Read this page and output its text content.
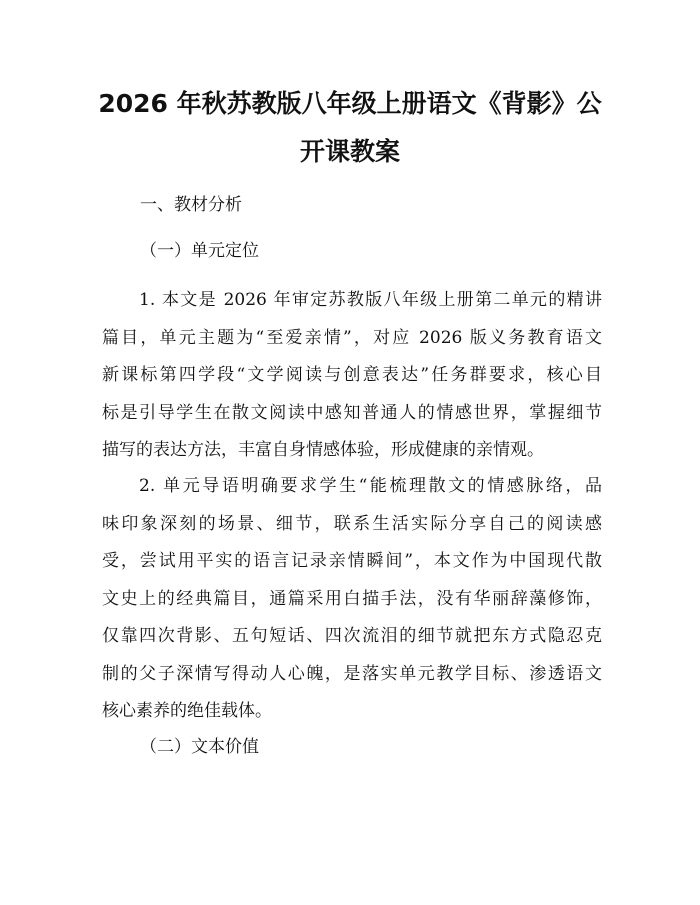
2026 年秋苏教版八年级上册语文《背影》公
开课教案

一、教材分析

（一）单元定位

1. 本文是 2026 年审定苏教版八年级上册第二单元的精讲
篇目，单元主题为“至爱亲情”，对应 2026 版义务教育语文
新课标第四学段“文学阅读与创意表达”任务群要求，核心目
标是引导学生在散文阅读中感知普通人的情感世界，掌握细节
描写的表达方法，丰富自身情感体验，形成健康的亲情观。
2. 单元导语明确要求学生“能梳理散文的情感脉络，品
味印象深刻的场景、细节，联系生活实际分享自己的阅读感
受，尝试用平实的语言记录亲情瞬间”，本文作为中国现代散
文史上的经典篇目，通篇采用白描手法，没有华丽辞藻修饰，
仅靠四次背影、五句短话、四次流泪的细节就把东方式隐忍克
制的父子深情写得动人心魄，是落实单元教学目标、渗透语文
核心素养的绝佳载体。

（二）文本价值
